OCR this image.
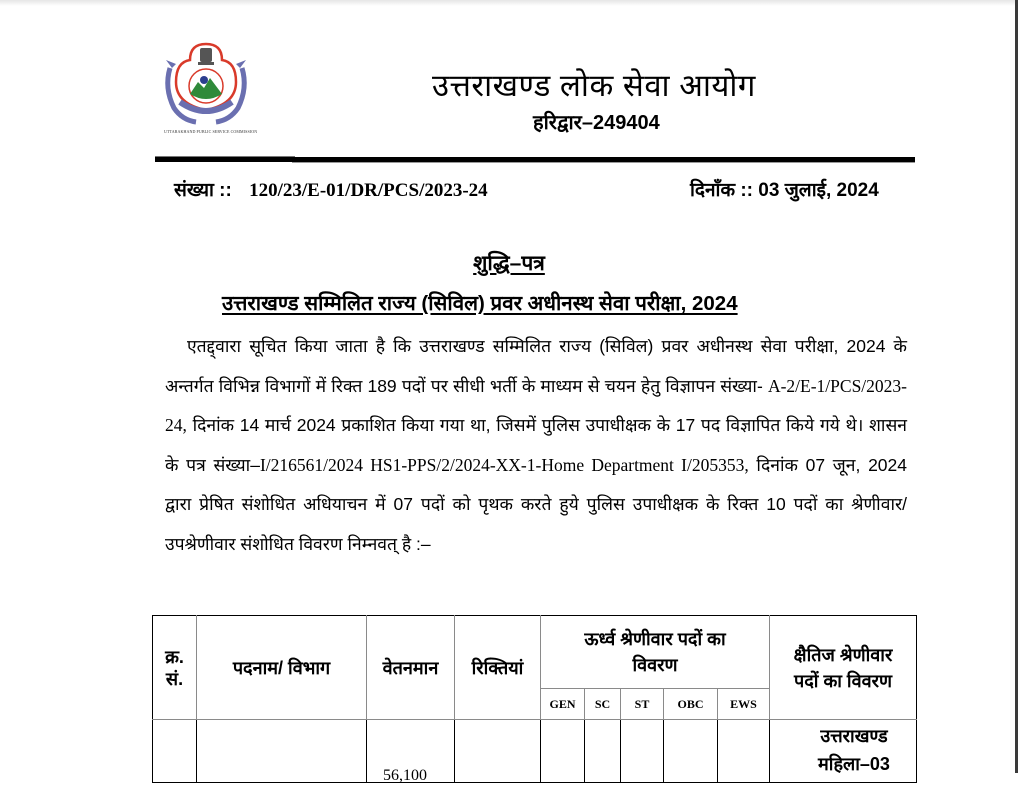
UTTARAKHAND PUBLIC SERVICE COMMISSION
उत्तराखण्ड लोक सेवा आयोग
हरिद्वार–249404
संख्या :: 120/23/E-01/DR/PCS/2023-24	दिनाँक :: 03 जुलाई, 2024
शुद्धि–पत्र
उत्तराखण्ड सम्मिलित राज्य (सिविल) प्रवर अधीनस्थ सेवा परीक्षा, 2024
एतद्द्वारा सूचित किया जाता है कि उत्तराखण्ड सम्मिलित राज्य (सिविल) प्रवर अधीनस्थ सेवा परीक्षा, 2024 के अन्तर्गत विभिन्न विभागों में रिक्त 189 पदों पर सीधी भर्ती के माध्यम से चयन हेतु विज्ञापन संख्या- A-2/E-1/PCS/2023-24, दिनांक 14 मार्च 2024 प्रकाशित किया गया था, जिसमें पुलिस उपाधीक्षक के 17 पद विज्ञापित किये गये थे। शासन के पत्र संख्या–I/216561/2024 HS1-PPS/2/2024-XX-1-Home Department I/205353, दिनांक 07 जून, 2024 द्वारा प्रेषित संशोधित अधियाचन में 07 पदों को पृथक करते हुये पुलिस उपाधीक्षक के रिक्त 10 पदों का श्रेणीवार/उपश्रेणीवार संशोधित विवरण निम्नवत् है :–
क्र. सं.	पदनाम/ विभाग	वेतनमान	रिक्तियां	ऊर्ध्व श्रेणीवार पदों का विवरण					क्षैतिज श्रेणीवार पदों का विवरण
				GEN	SC	ST	OBC	EWS	

		56,100							उत्तराखण्ड
महिला–03
